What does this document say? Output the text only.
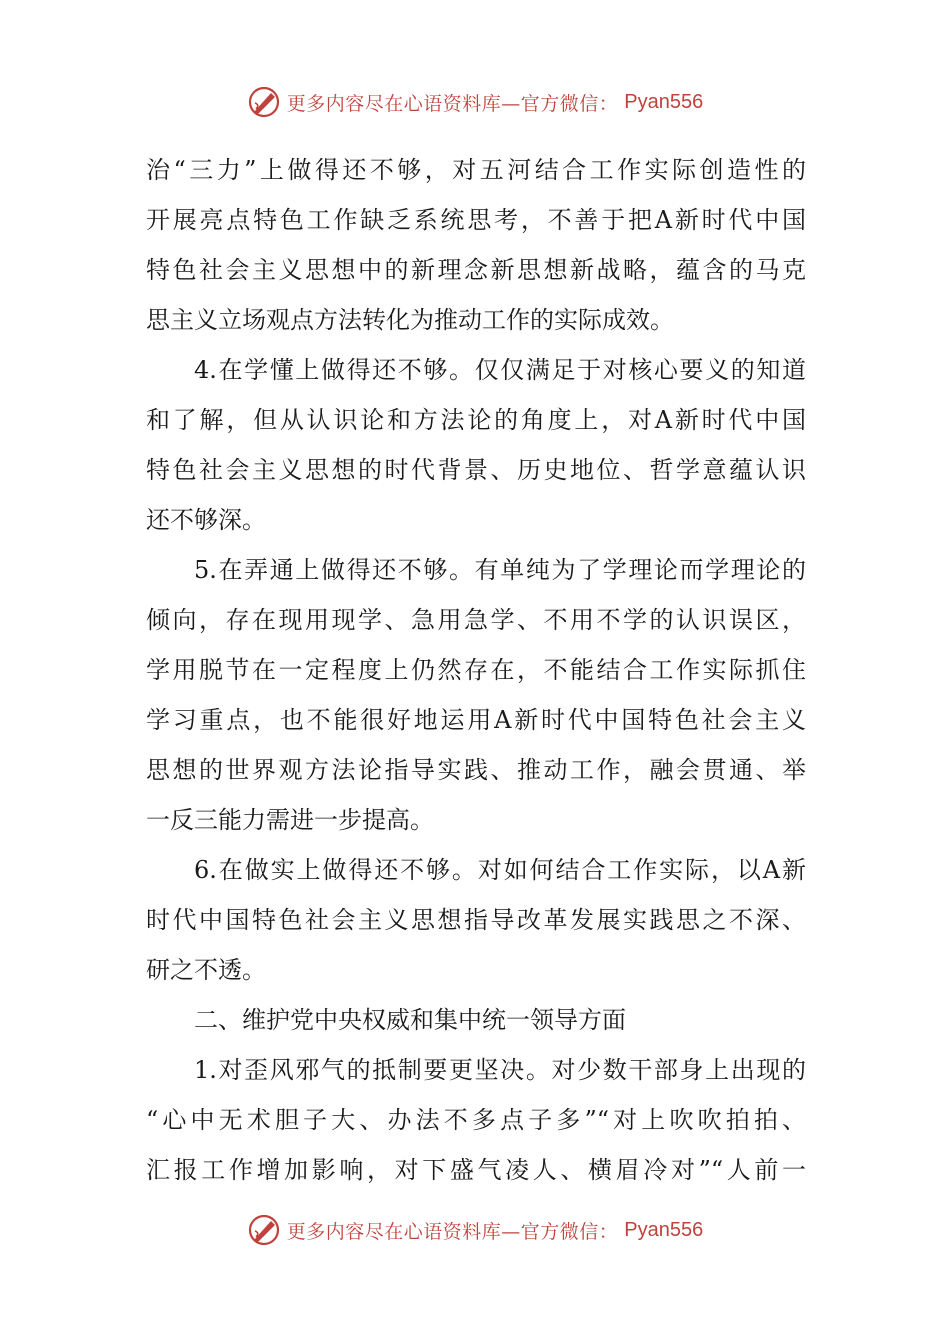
更多内容尽在心语资料库—官方微信： Pyan556
治“三力”上做得还不够，对五河结合工作实际创造性的
开展亮点特色工作缺乏系统思考，不善于把A新时代中国
特色社会主义思想中的新理念新思想新战略，蕴含的马克
思主义立场观点方法转化为推动工作的实际成效。
4.在学懂上做得还不够。仅仅满足于对核心要义的知道
和了解，但从认识论和方法论的角度上，对A新时代中国
特色社会主义思想的时代背景、历史地位、哲学意蕴认识
还不够深。
5.在弄通上做得还不够。有单纯为了学理论而学理论的
倾向，存在现用现学、急用急学、不用不学的认识误区，
学用脱节在一定程度上仍然存在，不能结合工作实际抓住
学习重点，也不能很好地运用A新时代中国特色社会主义
思想的世界观方法论指导实践、推动工作，融会贯通、举
一反三能力需进一步提高。
6.在做实上做得还不够。对如何结合工作实际，以A新
时代中国特色社会主义思想指导改革发展实践思之不深、
研之不透。
二、维护党中央权威和集中统一领导方面
1.对歪风邪气的抵制要更坚决。对少数干部身上出现的
“心中无术胆子大、办法不多点子多”“对上吹吹拍拍、
汇报工作增加影响，对下盛气凌人、横眉冷对”“人前一
更多内容尽在心语资料库—官方微信： Pyan556
